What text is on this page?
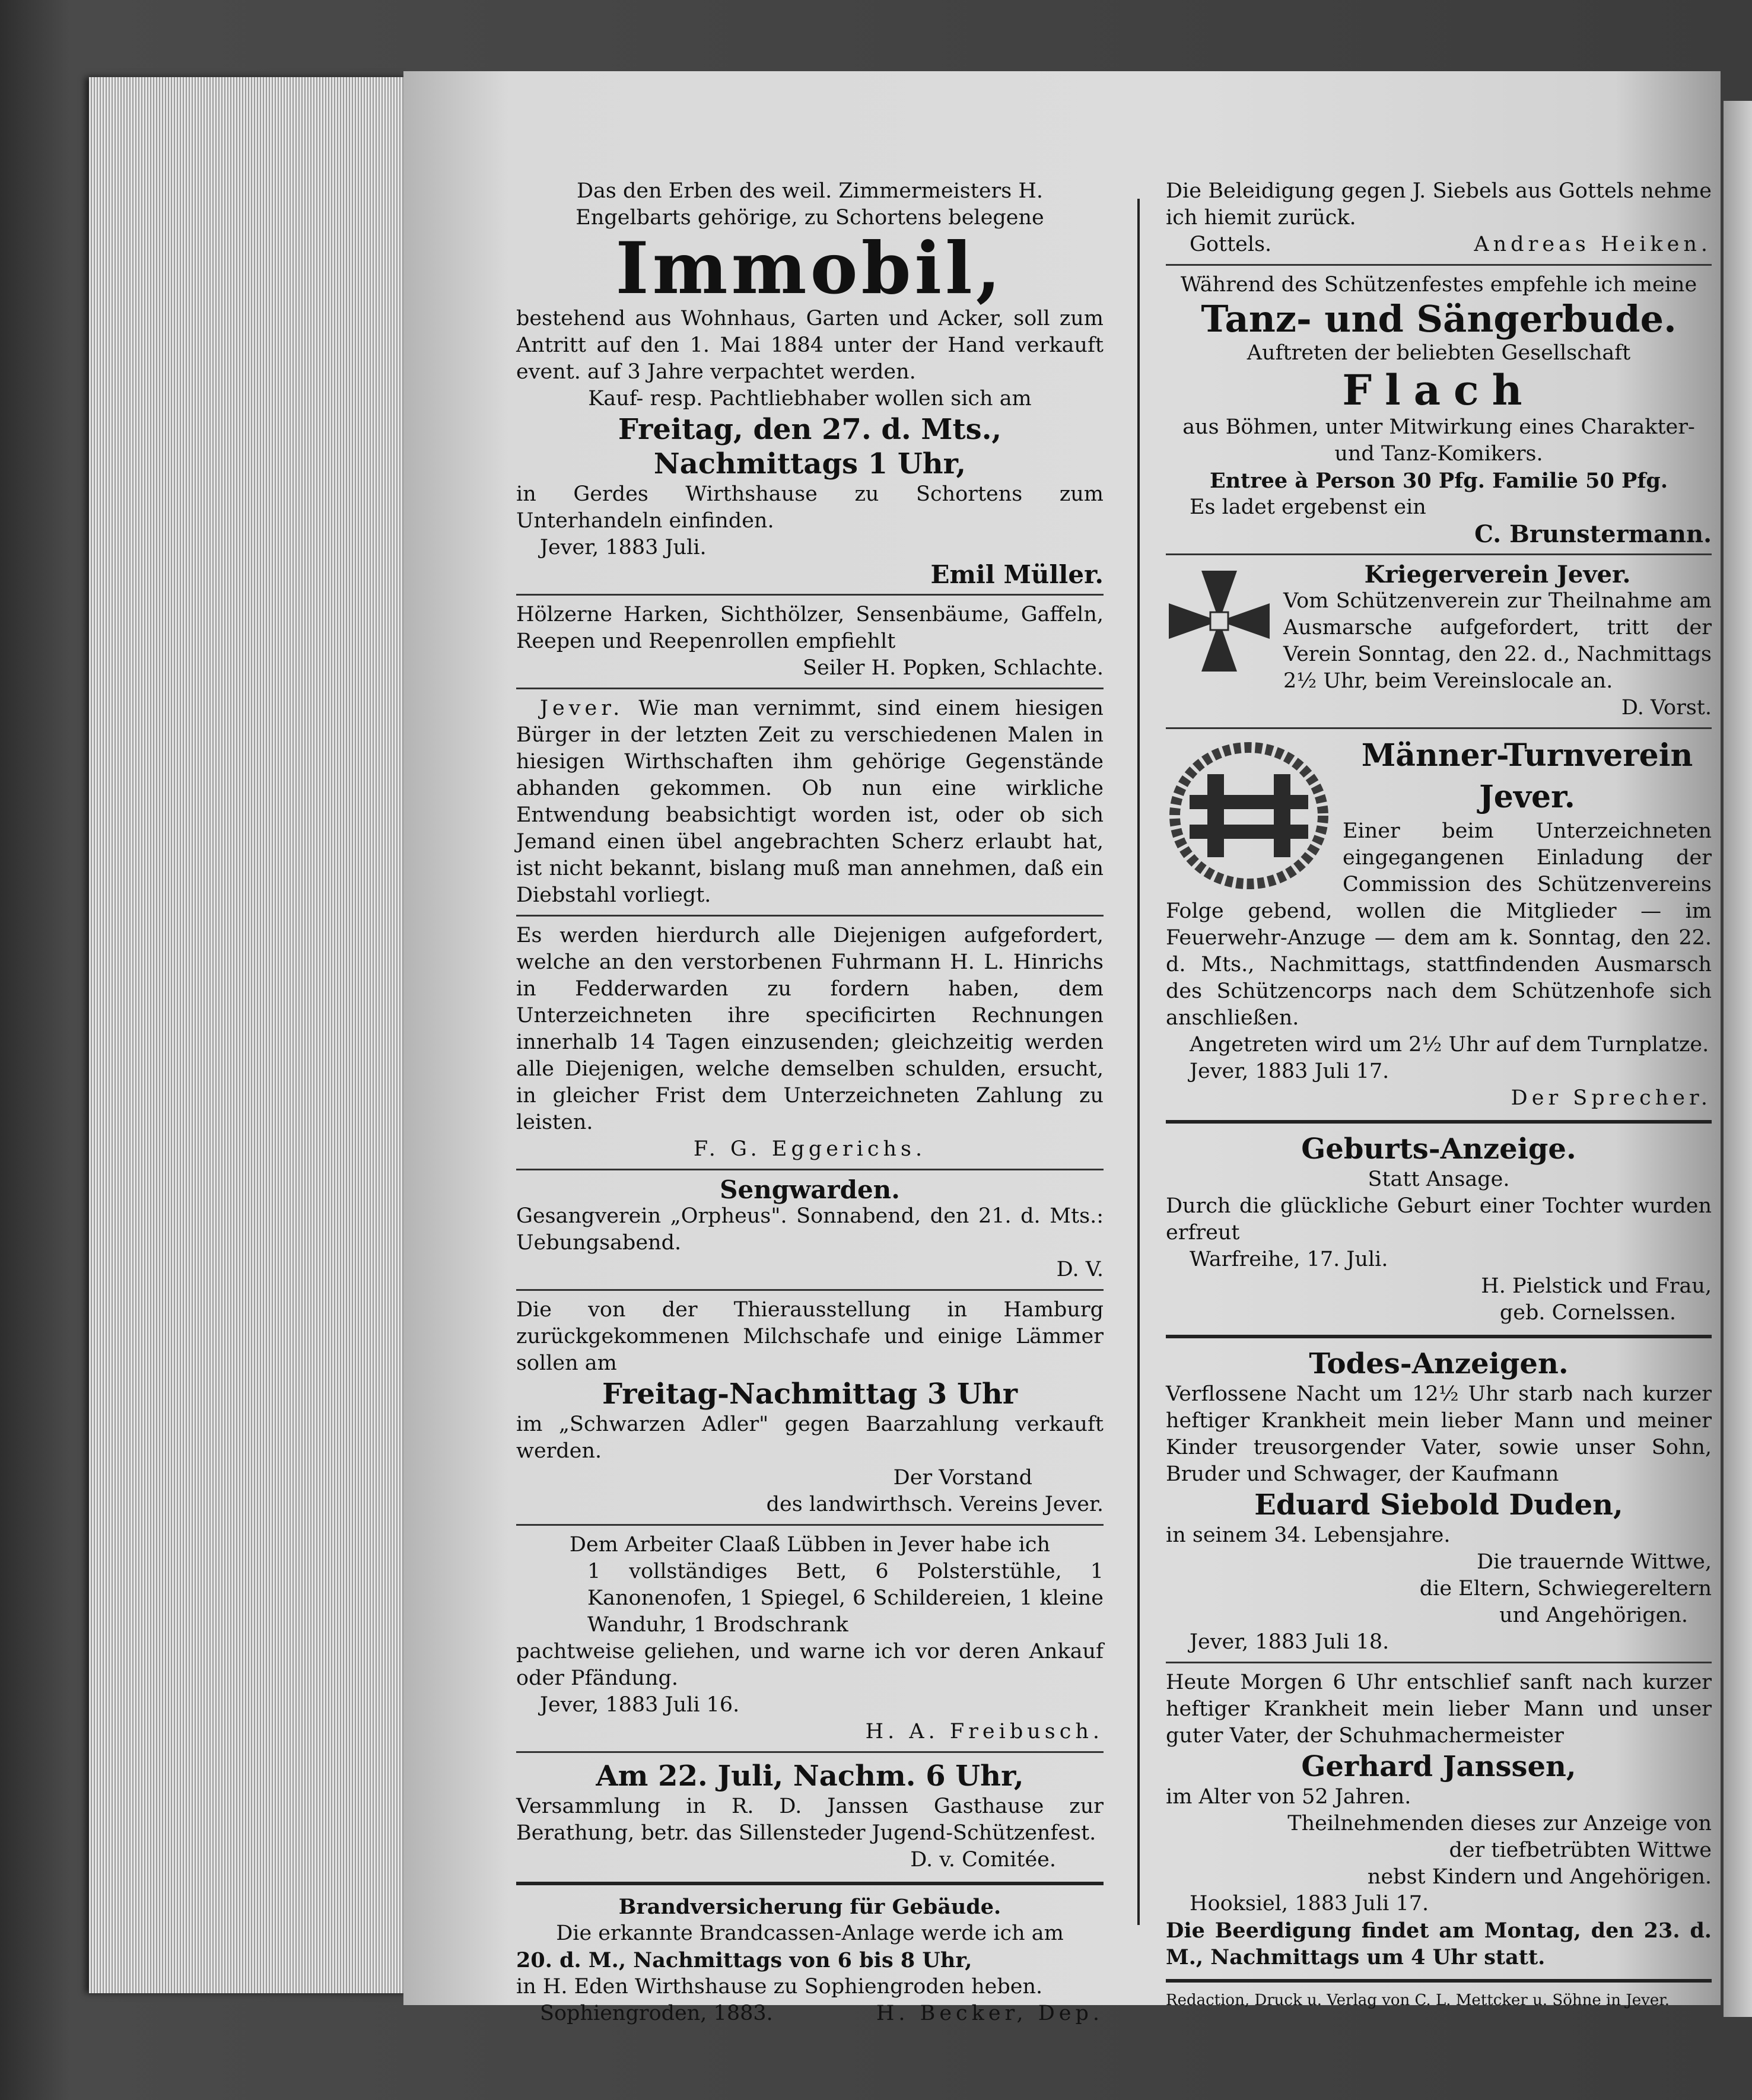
Das den Erben des weil. Zimmermeisters H. Engelbarts gehörige, zu Schortens belegene

Immobil,

bestehend aus Wohnhaus, Garten und Acker, soll zum Antritt auf den 1. Mai 1884 unter der Hand verkauft event. auf 3 Jahre verpachtet werden.

Kauf- resp. Pachtliebhaber wollen sich am

Freitag, den 27. d. Mts.,

Nachmittags 1 Uhr,

in Gerdes Wirthshause zu Schortens zum Unterhandeln einfinden.

Jever, 1883 Juli.

Emil Müller.

Hölzerne Harken, Sichthölzer, Sensenbäume, Gaffeln, Reepen und Reepenrollen empfiehlt

Seiler H. Popken, Schlachte.

Jever. Wie man vernimmt, sind einem hiesigen Bürger in der letzten Zeit zu verschiedenen Malen in hiesigen Wirthschaften ihm gehörige Gegenstände abhanden gekommen. Ob nun eine wirkliche Entwendung beabsichtigt worden ist, oder ob sich Jemand einen übel angebrachten Scherz erlaubt hat, ist nicht bekannt, bislang muß man annehmen, daß ein Diebstahl vorliegt.

Es werden hierdurch alle Diejenigen aufgefordert, welche an den verstorbenen Fuhrmann H. L. Hinrichs in Fedderwarden zu fordern haben, dem Unterzeichneten ihre specificirten Rechnungen innerhalb 14 Tagen einzusenden; gleichzeitig werden alle Diejenigen, welche demselben schulden, ersucht, in gleicher Frist dem Unterzeichneten Zahlung zu leisten.

F. G. Eggerichs.

Sengwarden.

Gesangverein „Orpheus". Sonnabend, den 21. d. Mts.: Uebungsabend.

D. V.

Die von der Thierausstellung in Hamburg zurückgekommenen Milchschafe und einige Lämmer sollen am

Freitag-Nachmittag 3 Uhr

im „Schwarzen Adler" gegen Baarzahlung verkauft werden.

Der Vorstand

des landwirthsch. Vereins Jever.

Dem Arbeiter Claaß Lübben in Jever habe ich

1 vollständiges Bett, 6 Polsterstühle, 1 Kanonenofen, 1 Spiegel, 6 Schildereien, 1 kleine Wanduhr, 1 Brodschrank

pachtweise geliehen, und warne ich vor deren Ankauf oder Pfändung.

Jever, 1883 Juli 16.

H. A. Freibusch.

Am 22. Juli, Nachm. 6 Uhr,

Versammlung in R. D. Janssen Gasthause zur Berathung, betr. das Sillensteder Jugend-Schützenfest.

D. v. Comitée.

Brandversicherung für Gebäude.

Die erkannte Brandcassen-Anlage werde ich am

20. d. M., Nachmittags von 6 bis 8 Uhr,

in H. Eden Wirthshause zu Sophiengroden heben.

Sophiengroden, 1883.	H. Becker, Dep.

Die Beleidigung gegen J. Siebels aus Gottels nehme ich hiemit zurück.

Gottels.	Andreas Heiken.

Während des Schützenfestes empfehle ich meine

Tanz- und Sängerbude.

Auftreten der beliebten Gesellschaft

Flach

aus Böhmen, unter Mitwirkung eines Charakter- und Tanz-Komikers.

Entree à Person 30 Pfg. Familie 50 Pfg.

Es ladet ergebenst ein

C. Brunstermann.

Kriegerverein Jever.

Vom Schützenverein zur Theilnahme am Ausmarsche aufgefordert, tritt der Verein Sonntag, den 22. d., Nachmittags 2½ Uhr, beim Vereinslocale an.

D. Vorst.

Männer-Turnverein Jever.

Einer beim Unterzeichneten eingegangenen Einladung der Commission des Schützenvereins Folge gebend, wollen die Mitglieder — im Feuerwehr-Anzuge — dem am k. Sonntag, den 22. d. Mts., Nachmittags, stattfindenden Ausmarsch des Schützencorps nach dem Schützenhofe sich anschließen.

Angetreten wird um 2½ Uhr auf dem Turnplatze.

Jever, 1883 Juli 17.

Der Sprecher.

Geburts-Anzeige.

Statt Ansage.

Durch die glückliche Geburt einer Tochter wurden erfreut

Warfreihe, 17. Juli.

H. Pielstick und Frau,

geb. Cornelssen.

Todes-Anzeigen.

Verflossene Nacht um 12½ Uhr starb nach kurzer heftiger Krankheit mein lieber Mann und meiner Kinder treusorgender Vater, sowie unser Sohn, Bruder und Schwager, der Kaufmann

Eduard Siebold Duden,

in seinem 34. Lebensjahre.

Die trauernde Wittwe,

die Eltern, Schwiegereltern

und Angehörigen.

Jever, 1883 Juli 18.

Heute Morgen 6 Uhr entschlief sanft nach kurzer heftiger Krankheit mein lieber Mann und unser guter Vater, der Schuhmachermeister

Gerhard Janssen,

im Alter von 52 Jahren.

Theilnehmenden dieses zur Anzeige von

der tiefbetrübten Wittwe

nebst Kindern und Angehörigen.

Hooksiel, 1883 Juli 17.

Die Beerdigung findet am Montag, den 23. d. M., Nachmittags um 4 Uhr statt.

Redaction, Druck u. Verlag von C. L. Mettcker u. Söhne in Jever.
